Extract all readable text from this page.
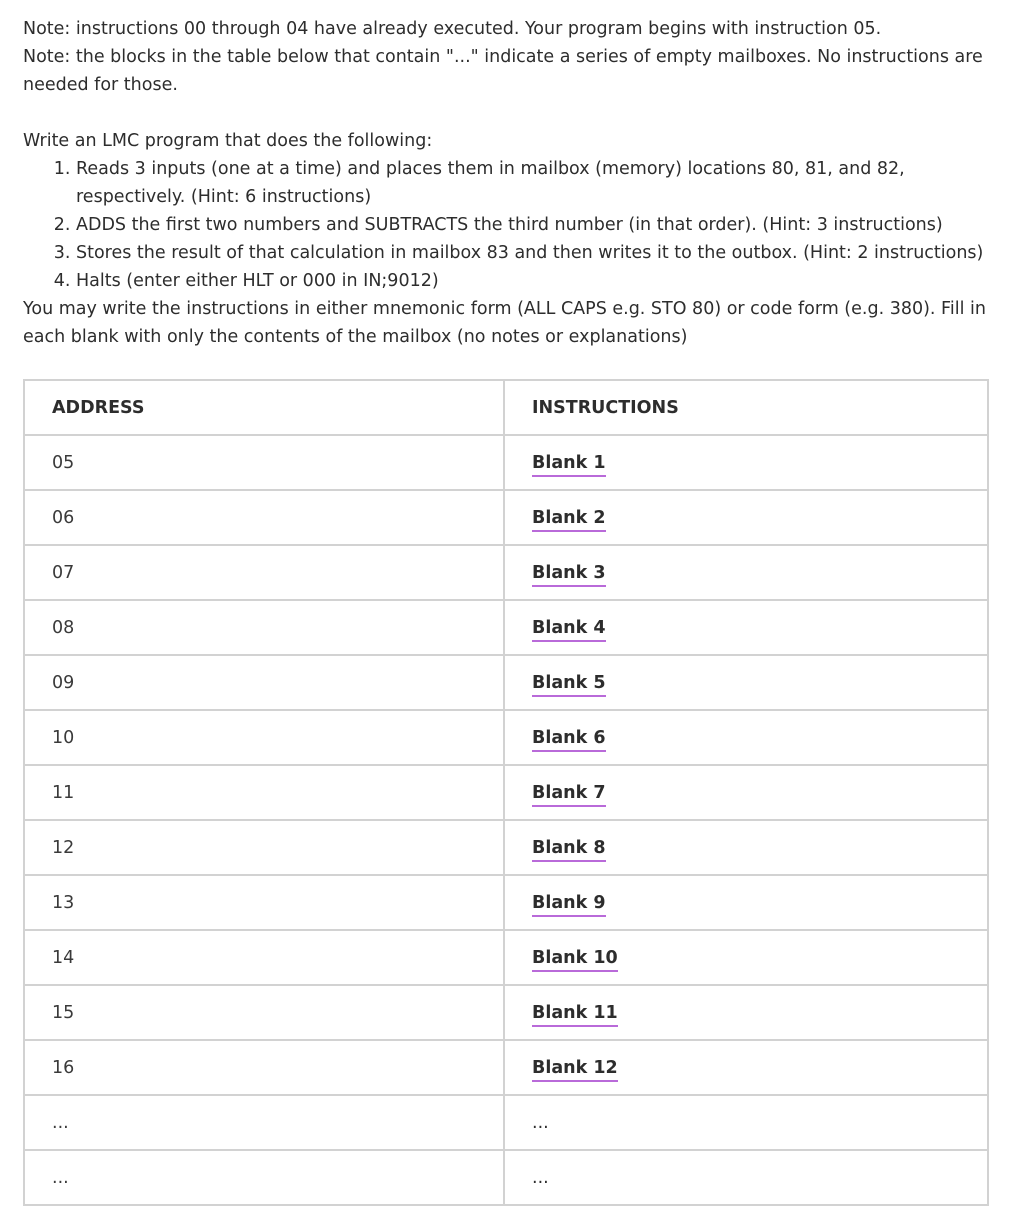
Note: instructions 00 through 04 have already executed. Your program begins with instruction 05.

Note: the blocks in the table below that contain "..." indicate a series of empty mailboxes. No instructions are needed for those.

Write an LMC program that does the following:

1. Reads 3 inputs (one at a time) and places them in mailbox (memory) locations 80, 81, and 82, respectively. (Hint: 6 instructions)
2. ADDS the first two numbers and SUBTRACTS the third number (in that order). (Hint: 3 instructions)
3. Stores the result of that calculation in mailbox 83 and then writes it to the outbox. (Hint: 2 instructions)
4. Halts (enter either HLT or 000 in IN;9012)

You may write the instructions in either mnemonic form (ALL CAPS e.g. STO 80) or code form (e.g. 380). Fill in each blank with only the contents of the mailbox (no notes or explanations)

ADDRESS	INSTRUCTIONS
05	Blank 1
06	Blank 2
07	Blank 3
08	Blank 4
09	Blank 5
10	Blank 6
11	Blank 7
12	Blank 8
13	Blank 9
14	Blank 10
15	Blank 11
16	Blank 12
...	...
...	...
